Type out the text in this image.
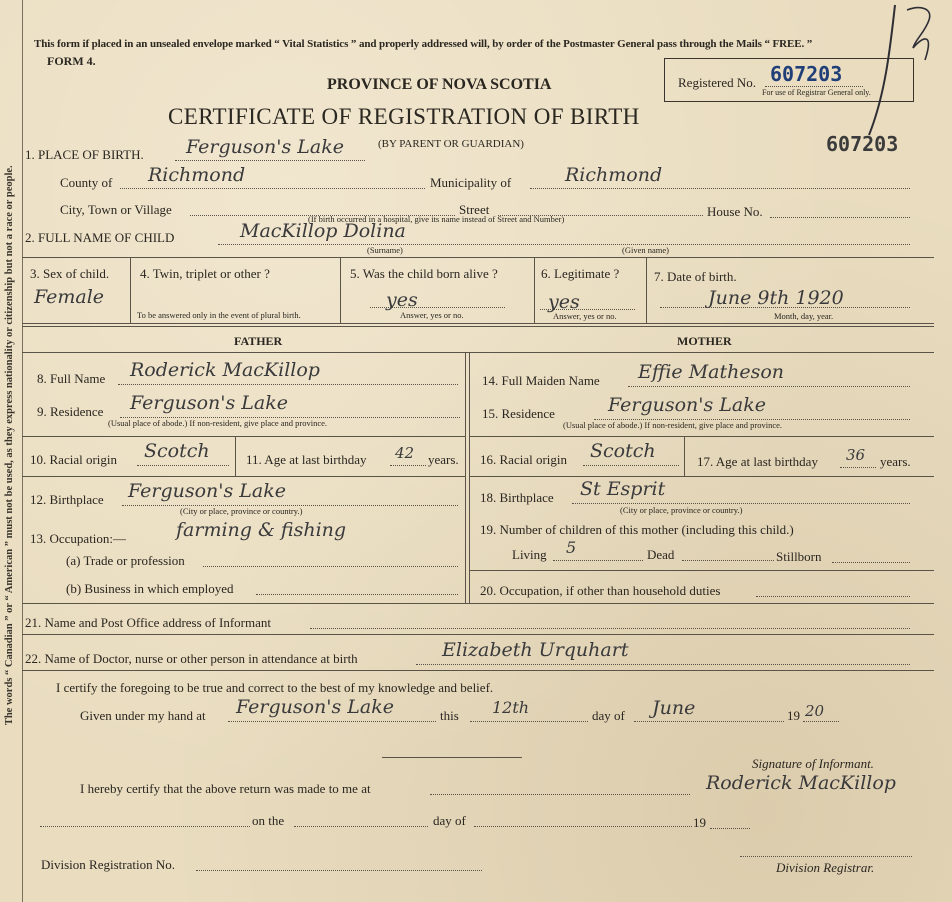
The words “ Canadian ” or “ American ” must not be used, as they express nationality or citizenship but not a race or people.
This form if placed in an unsealed envelope marked “ Vital Statistics ” and properly addressed will, by order of the Postmaster General pass through the Mails “ FREE. ”
FORM 4.
PROVINCE OF NOVA SCOTIA
CERTIFICATE OF REGISTRATION OF BIRTH
(BY PARENT OR GUARDIAN)
Registered No. 607203
For use of Registrar General only.
607203
1. PLACE OF BIRTH. Ferguson's Lake
County of Richmond	Municipality of	Richmond
City, Town or Village	Street	House No.
(If birth occurred in a hospital, give its name instead of Street and Number)
2. FULL NAME OF CHILD	MacKillop Dolina
(Surname)	(Given name)
3. Sex of child.
Female
4. Twin, triplet or other ?
To be answered only in the event of plural birth.
5. Was the child born alive ?
yes
Answer, yes or no.
6. Legitimate ?
yes
Answer, yes or no.
7. Date of birth.
June 9th 1920
Month, day, year.
FATHER	MOTHER
8. Full Name Roderick MacKillop
9. Residence Ferguson's Lake
(Usual place of abode.) If non-resident, give place and province.
10. Racial origin Scotch	11. Age at last birthday 42 years.
12. Birthplace Ferguson's Lake
(City or place, province or country.)
13. Occupation:—	farming & fishing
(a) Trade or profession
(b) Business in which employed
14. Full Maiden Name Effie Matheson
15. Residence	Ferguson's Lake
(Usual place of abode.) If non-resident, give place and province.
16. Racial origin Scotch	17. Age at last birthday 36 years.
18. Birthplace St Esprit
(City or place, province or country.)
19. Number of children of this mother (including this child.)
Living 5	Dead	Stillborn
20. Occupation, if other than household duties
21. Name and Post Office address of Informant
22. Name of Doctor, nurse or other person in attendance at birth	Elizabeth Urquhart
I certify the foregoing to be true and correct to the best of my knowledge and belief.
Given under my hand at Ferguson's Lake	this 12th	day of June	19 20
Signature of Informant.
Roderick MacKillop
I hereby certify that the above return was made to me at
on the	day of	19
Division Registration No.	Division Registrar.
